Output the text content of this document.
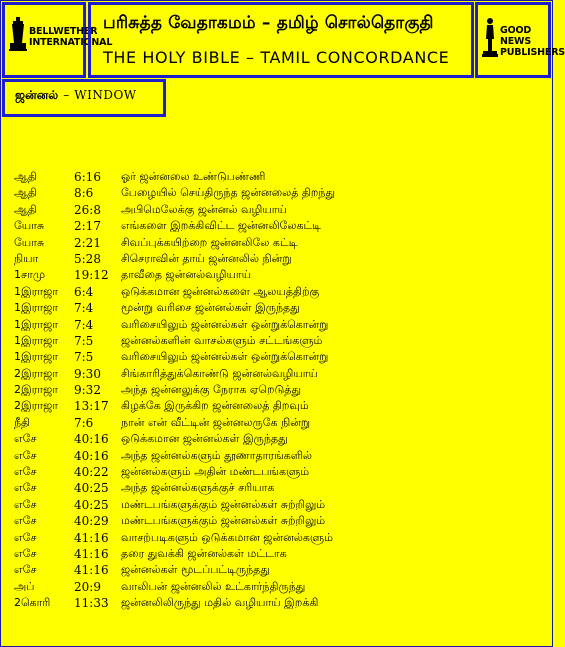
BELLWETHER
INTERNATIONAL
பரிசுத்த வேதாகமம் – தமிழ் சொல்தொகுதி
THE HOLY BIBLE – TAMIL CONCORDANCE
GOOD NEWS
PUBLISHERS
ஜன்னல் – WINDOW
ஆதி	6:16	ஓர் ஜன்னலை உண்டுபண்ணி
ஆதி	8:6	பேழையில் செய்திருந்த ஜன்னலைத் திறந்து
ஆதி	26:8	அபிமெலேக்கு ஜன்னல் வழியாய்
யோசு	2:17	எங்களை இறக்கிவிட்ட ஜன்னலிலேகட்டி
யோசு	2:21	சிவப்புக்கயிற்றை ஜன்னலிலே கட்டி
நியா	5:28	சிசெராவின் தாய் ஜன்னலில் நின்று
1சாமு	19:12	தாவீதை ஜன்னல்வழியாய்
1இராஜா	6:4	ஒடுக்கமான ஜன்னல்களை ஆலயத்திற்கு
1இராஜா	7:4	மூன்று வரிசை ஜன்னல்கள் இருந்தது
1இராஜா	7:4	வரிசையிலும் ஜன்னல்கள் ஒன்றுக்கொன்று
1இராஜா	7:5	ஜன்னல்களின் வாசல்களும் சட்டங்களும்
1இராஜா	7:5	வரிசையிலும் ஜன்னல்கள் ஒன்றுக்கொன்று
2இராஜா	9:30	சிங்காரித்துக்கொண்டு ஜன்னல்வழியாய்
2இராஜா	9:32	அந்த ஜன்னலுக்கு நேராக ஏறெடுத்து
2இராஜா	13:17	கிழக்கே இருக்கிற ஜன்னலைத் திறவும்
நீதி	7:6	நான் என் வீட்டின் ஜன்னலருகே நின்று
எசே	40:16	ஒடுக்கமான ஜன்னல்கள் இருந்தது
எசே	40:16	அந்த ஜன்னல்களும் தூணாதாரங்களில்
எசே	40:22	ஜன்னல்களும் அதின் மண்டபங்களும்
எசே	40:25	அந்த ஜன்னல்களுக்குச் சரியாக
எசே	40:25	மண்டபங்களுக்கும் ஜன்னல்கள் சுற்றிலும்
எசே	40:29	மண்டபங்களுக்கும் ஜன்னல்கள் சுற்றிலும்
எசே	41:16	வாசற்படிகளும் ஒடுக்கமான ஜன்னல்களும்
எசே	41:16	தரை துவக்கி ஜன்னல்கள் மட்டாக
எசே	41:16	ஜன்னல்கள் மூடப்பட்டிருந்தது
அப்	20:9	வாலிபன் ஜன்னலில் உட்கார்ந்திருந்து
2கொரி	11:33	ஜன்னலிலிருந்து மதில் வழியாய் இறக்கி
